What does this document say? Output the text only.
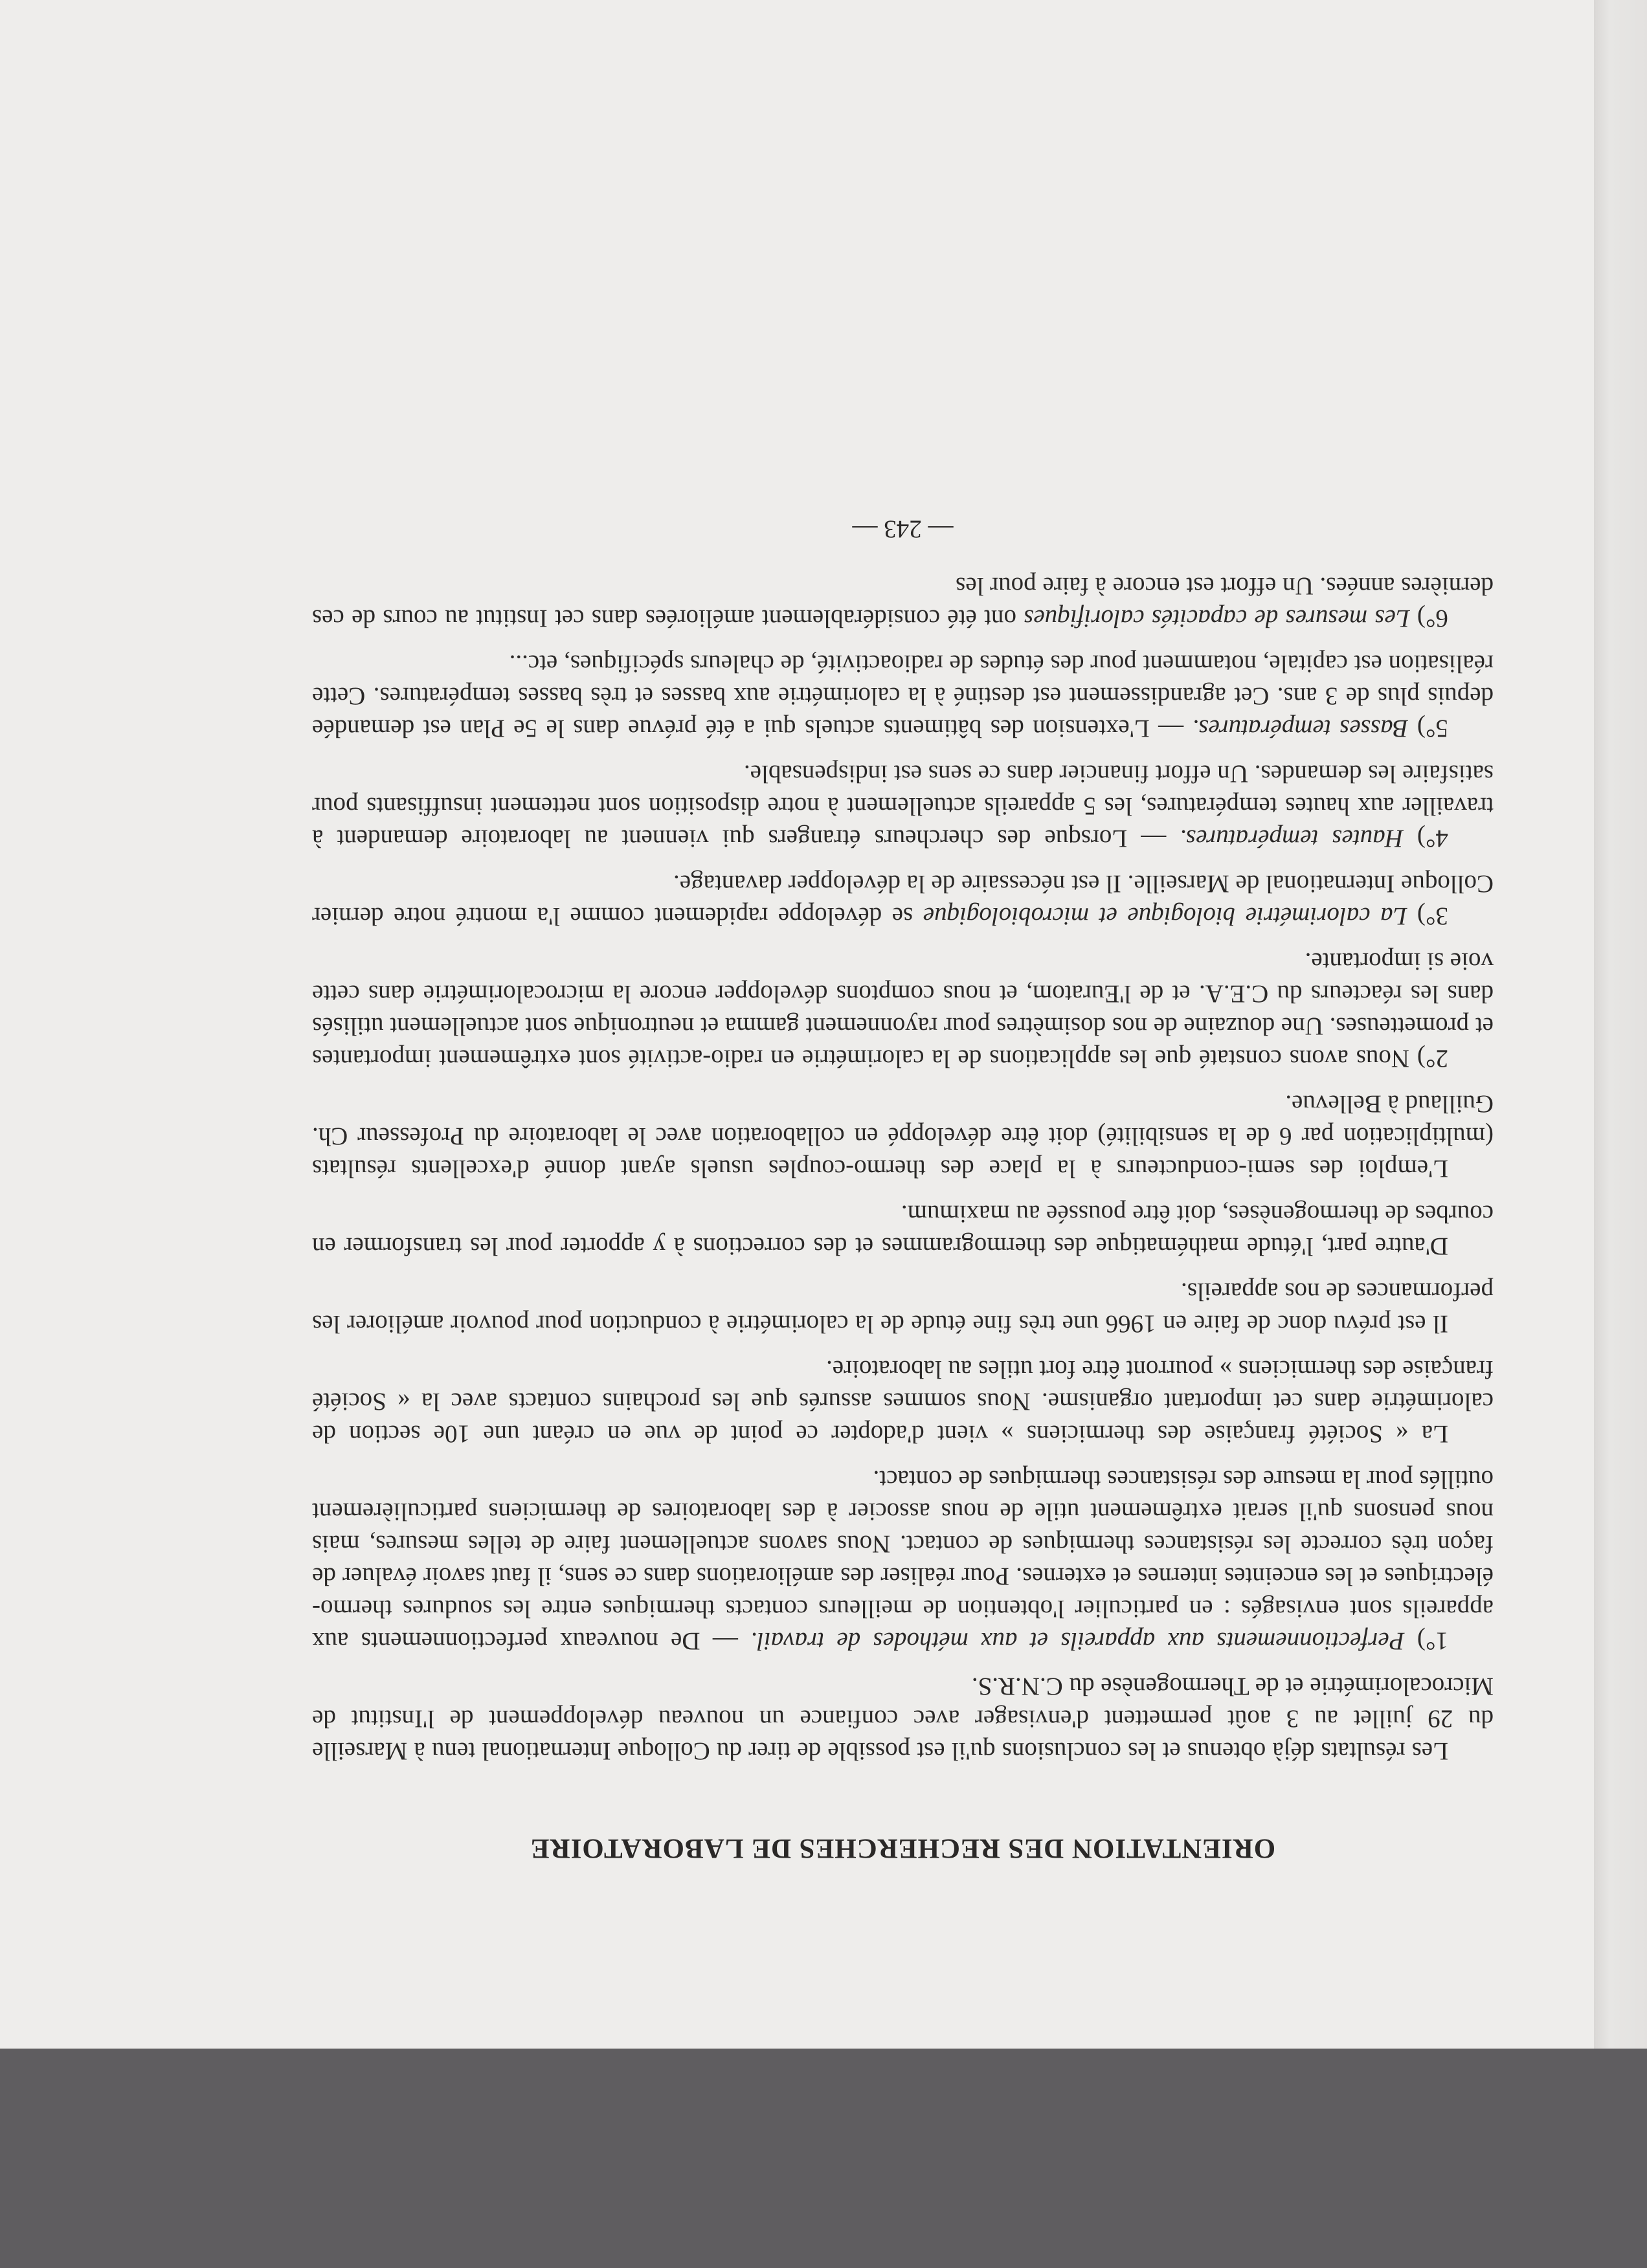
ORIENTATION DES RECHERCHES DE LABORATOIRE

Les résultats déjà obtenus et les conclusions qu'il est possible de tirer du Colloque International tenu à Marseille du 29 juillet au 3 août permettent d'envisager avec confiance un nouveau développement de l'Institut de Microcalorimétrie et de Thermogenèse du C.N.R.S.

1°) Perfectionnements aux appareils et aux méthodes de travail. — De nouveaux perfectionnements aux appareils sont envisagés : en particulier l'obtention de meilleurs contacts thermiques entre les soudures thermo-électriques et les enceintes internes et externes. Pour réaliser des améliorations dans ce sens, il faut savoir évaluer de façon très correcte les résistances thermiques de contact. Nous savons actuellement faire de telles mesures, mais nous pensons qu'il serait extrêmement utile de nous associer à des laboratoires de thermiciens particulièrement outillés pour la mesure des résistances thermiques de contact.

La « Société française des thermiciens » vient d'adopter ce point de vue en créant une 10e section de calorimétrie dans cet important organisme. Nous sommes assurés que les prochains contacts avec la « Société française des thermiciens » pourront être fort utiles au laboratoire.

Il est prévu donc de faire en 1966 une très fine étude de la calorimétrie à conduction pour pouvoir améliorer les performances de nos appareils.

D'autre part, l'étude mathématique des thermogrammes et des corrections à y apporter pour les transformer en courbes de thermogenèses, doit être poussée au maximum.

L'emploi des semi-conducteurs à la place des thermo-couples usuels ayant donné d'excellents résultats (multiplication par 6 de la sensibilité) doit être développé en collaboration avec le laboratoire du Professeur Ch. Guillaud à Bellevue.

2°) Nous avons constaté que les applications de la calorimétrie en radio-activité sont extrêmement importantes et prometteuses. Une douzaine de nos dosimètres pour rayonnement gamma et neutronique sont actuellement utilisés dans les réacteurs du C.E.A. et de l'Euratom, et nous comptons développer encore la microcalorimétrie dans cette voie si importante.

3°) La calorimétrie biologique et microbiologique se développe rapidement comme l'a montré notre dernier Colloque International de Marseille. Il est nécessaire de la développer davantage.

4°) Hautes températures. — Lorsque des chercheurs étrangers qui viennent au laboratoire demandent à travailler aux hautes températures, les 5 appareils actuellement à notre disposition sont nettement insuffisants pour satisfaire les demandes. Un effort financier dans ce sens est indispensable.

5°) Basses températures. — L'extension des bâtiments actuels qui a été prévue dans le 5e Plan est demandée depuis plus de 3 ans. Cet agrandissement est destiné à la calorimétrie aux basses et très basses températures. Cette réalisation est capitale, notamment pour des études de radioactivité, de chaleurs spécifiques, etc...

6°) Les mesures de capacités calorifiques ont été considérablement améliorées dans cet Institut au cours de ces dernières années. Un effort est encore à faire pour les

— 243 —
